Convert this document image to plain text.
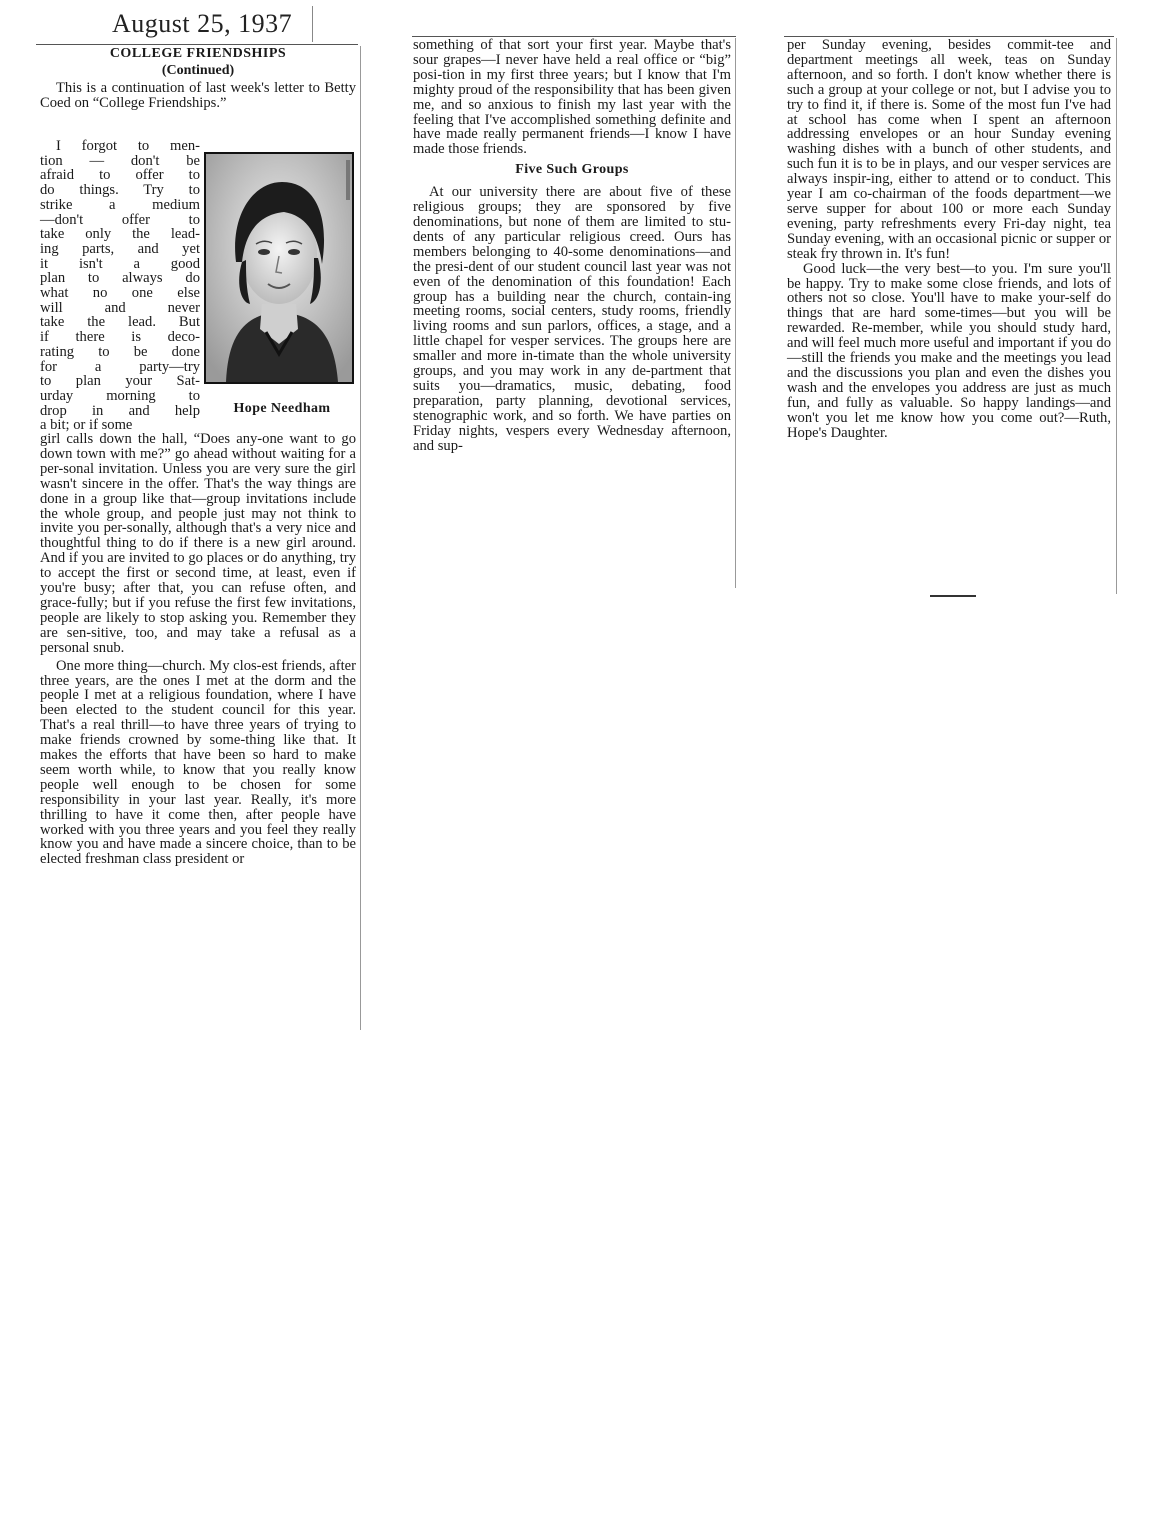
August 25, 1937
COLLEGE FRIENDSHIPS
(Continued)

This is a continuation of last week's letter to Betty Coed on “College Friendships.”

I forgot to men-
tion — don't be
afraid to offer to
do things. Try to
strike a medium
—don't offer to
take only the lead-
ing parts, and yet
it isn't a good
plan to always do
what no one else
will and never
take the lead. But
if there is deco-
rating to be done
for a party—try
to plan your Sat-
urday morning to
drop in and help
a bit; or if some
Hope Needham

girl calls down the hall, “Does any-one want to go down town with me?” go ahead without waiting for a per-sonal invitation. Unless you are very sure the girl wasn't sincere in the offer. That's the way things are done in a group like that—group invitations include the whole group, and people just may not think to invite you per-sonally, although that's a very nice and thoughtful thing to do if there is a new girl around. And if you are invited to go places or do anything, try to accept the first or second time, at least, even if you're busy; after that, you can refuse often, and grace-fully; but if you refuse the first few invitations, people are likely to stop asking you. Remember they are sen-sitive, too, and may take a refusal as a personal snub.

One more thing—church. My clos-est friends, after three years, are the ones I met at the dorm and the people I met at a religious foundation, where I have been elected to the student council for this year. That's a real thrill—to have three years of trying to make friends crowned by some-thing like that. It makes the efforts that have been so hard to make seem worth while, to know that you really know people well enough to be chosen for some responsibility in your last year. Really, it's more thrilling to have it come then, after people have worked with you three years and you feel they really know you and have made a sincere choice, than to be elected freshman class president or

something of that sort your first year. Maybe that's sour grapes—I never have held a real office or “big” posi-tion in my first three years; but I know that I'm mighty proud of the responsibility that has been given me, and so anxious to finish my last year with the feeling that I've accomplished something definite and have made really permanent friends—I know I have made those friends.

Five Such Groups

At our university there are about five of these religious groups; they are sponsored by five denominations, but none of them are limited to stu-dents of any particular religious creed. Ours has members belonging to 40-some denominations—and the presi-dent of our student council last year was not even of the denomination of this foundation! Each group has a building near the church, contain-ing meeting rooms, social centers, study rooms, friendly living rooms and sun parlors, offices, a stage, and a little chapel for vesper services. The groups here are smaller and more in-timate than the whole university groups, and you may work in any de-partment that suits you—dramatics, music, debating, food preparation, party planning, devotional services, stenographic work, and so forth. We have parties on Friday nights, vespers every Wednesday afternoon, and sup-

per Sunday evening, besides commit-tee and department meetings all week, teas on Sunday afternoon, and so forth. I don't know whether there is such a group at your college or not, but I advise you to try to find it, if there is. Some of the most fun I've had at school has come when I spent an afternoon addressing envelopes or an hour Sunday evening washing dishes with a bunch of other students, and such fun it is to be in plays, and our vesper services are always inspir-ing, either to attend or to conduct. This year I am co-chairman of the foods department—we serve supper for about 100 or more each Sunday evening, party refreshments every Fri-day night, tea Sunday evening, with an occasional picnic or supper or steak fry thrown in. It's fun!

Good luck—the very best—to you. I'm sure you'll be happy. Try to make some close friends, and lots of others not so close. You'll have to make your-self do things that are hard some-times—but you will be rewarded. Re-member, while you should study hard, and will feel much more useful and important if you do—still the friends you make and the meetings you lead and the discussions you plan and even the dishes you wash and the envelopes you address are just as much fun, and fully as valuable. So happy landings—and won't you let me know how you come out?—Ruth, Hope's Daughter.
